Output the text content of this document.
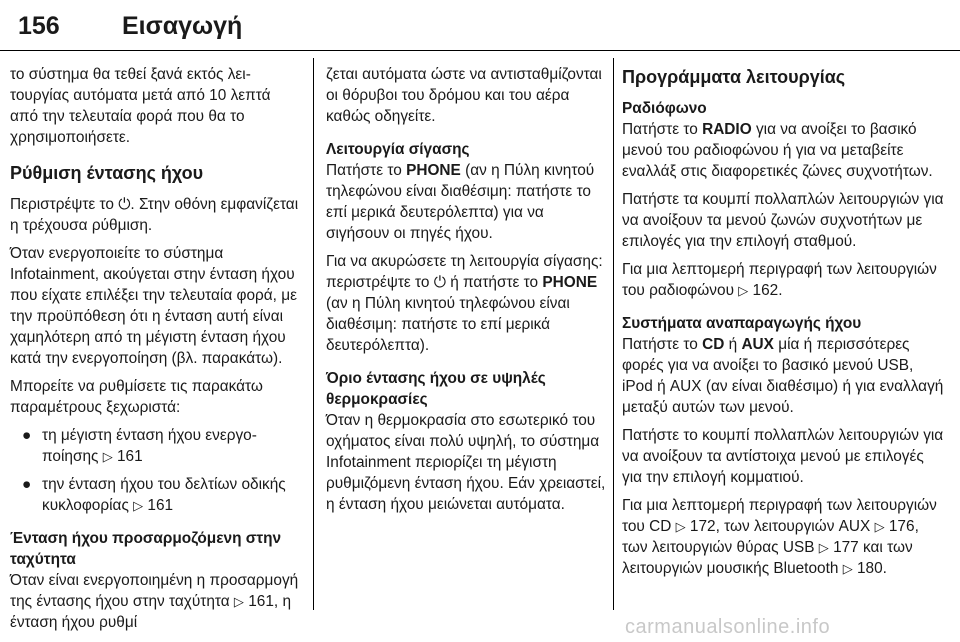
156 Εισαγωγή

το σύστημα θα τεθεί ξανά εκτός λειτουργίας αυτόματα μετά από 10 λεπτά από την τελευταία φορά που θα το χρησιμοποιήσετε.

Ρύθμιση έντασης ήχου

Περιστρέψτε το ⏻. Στην οθόνη εμφανίζεται η τρέχουσα ρύθμιση.

Όταν ενεργοποιείτε το σύστημα Infotainment, ακούγεται στην ένταση ήχου που είχατε επιλέξει την τελευταία φορά, με την προϋπόθεση ότι η ένταση αυτή είναι χαμηλότερη από τη μέγιστη ένταση ήχου κατά την ενεργοποίηση (βλ. παρακάτω).

Μπορείτε να ρυθμίσετε τις παρακάτω παραμέτρους ξεχωριστά:

● τη μέγιστη ένταση ήχου ενεργοποίησης ▷ 161
● την ένταση ήχου του δελτίων οδικής κυκλοφορίας ▷ 161
Ένταση ήχου προσαρμοζόμενη στην ταχύτητα

Όταν είναι ενεργοποιημένη η προσαρμογή της έντασης ήχου στην ταχύτητα ▷ 161, η ένταση ήχου ρυθμί

ζεται αυτόματα ώστε να αντισταθμίζονται οι θόρυβοι του δρόμου και του αέρα καθώς οδηγείτε.

Λειτουργία σίγασης

Πατήστε το PHONE (αν η Πύλη κινητού τηλεφώνου είναι διαθέσιμη: πατήστε το επί μερικά δευτερόλεπτα) για να σιγήσουν οι πηγές ήχου.

Για να ακυρώσετε τη λειτουργία σίγασης: περιστρέψτε το ⏻ ή πατήστε το PHONE (αν η Πύλη κινητού τηλεφώνου είναι διαθέσιμη: πατήστε το επί μερικά δευτερόλεπτα).

Όριο έντασης ήχου σε υψηλές θερμοκρασίες

Όταν η θερμοκρασία στο εσωτερικό του οχήματος είναι πολύ υψηλή, το σύστημα Infotainment περιορίζει τη μέγιστη ρυθμιζόμενη ένταση ήχου. Εάν χρειαστεί, η ένταση ήχου μειώνεται αυτόματα.

Προγράμματα λειτουργίας
Ραδιόφωνο

Πατήστε το RADIO για να ανοίξει το βασικό μενού του ραδιοφώνου ή για να μεταβείτε εναλλάξ στις διαφορετικές ζώνες συχνοτήτων.

Πατήστε τα κουμπί πολλαπλών λειτουργιών για να ανοίξουν τα μενού ζωνών συχνοτήτων με επιλογές για την επιλογή σταθμού.

Για μια λεπτομερή περιγραφή των λειτουργιών του ραδιοφώνου ▷ 162.

Συστήματα αναπαραγωγής ήχου

Πατήστε το CD ή AUX μία ή περισσότερες φορές για να ανοίξει το βασικό μενού USB, iPod ή AUX (αν είναι διαθέσιμο) ή για εναλλαγή μεταξύ αυτών των μενού.

Πατήστε το κουμπί πολλαπλών λειτουργιών για να ανοίξουν τα αντίστοιχα μενού με επιλογές για την επιλογή κομματιού.

Για μια λεπτομερή περιγραφή των λειτουργιών του CD ▷ 172, των λειτουργιών AUX ▷ 176, των λειτουργιών θύρας USB ▷ 177 και των λειτουργιών μουσικής Bluetooth ▷ 180.

carmanualsonline.info
